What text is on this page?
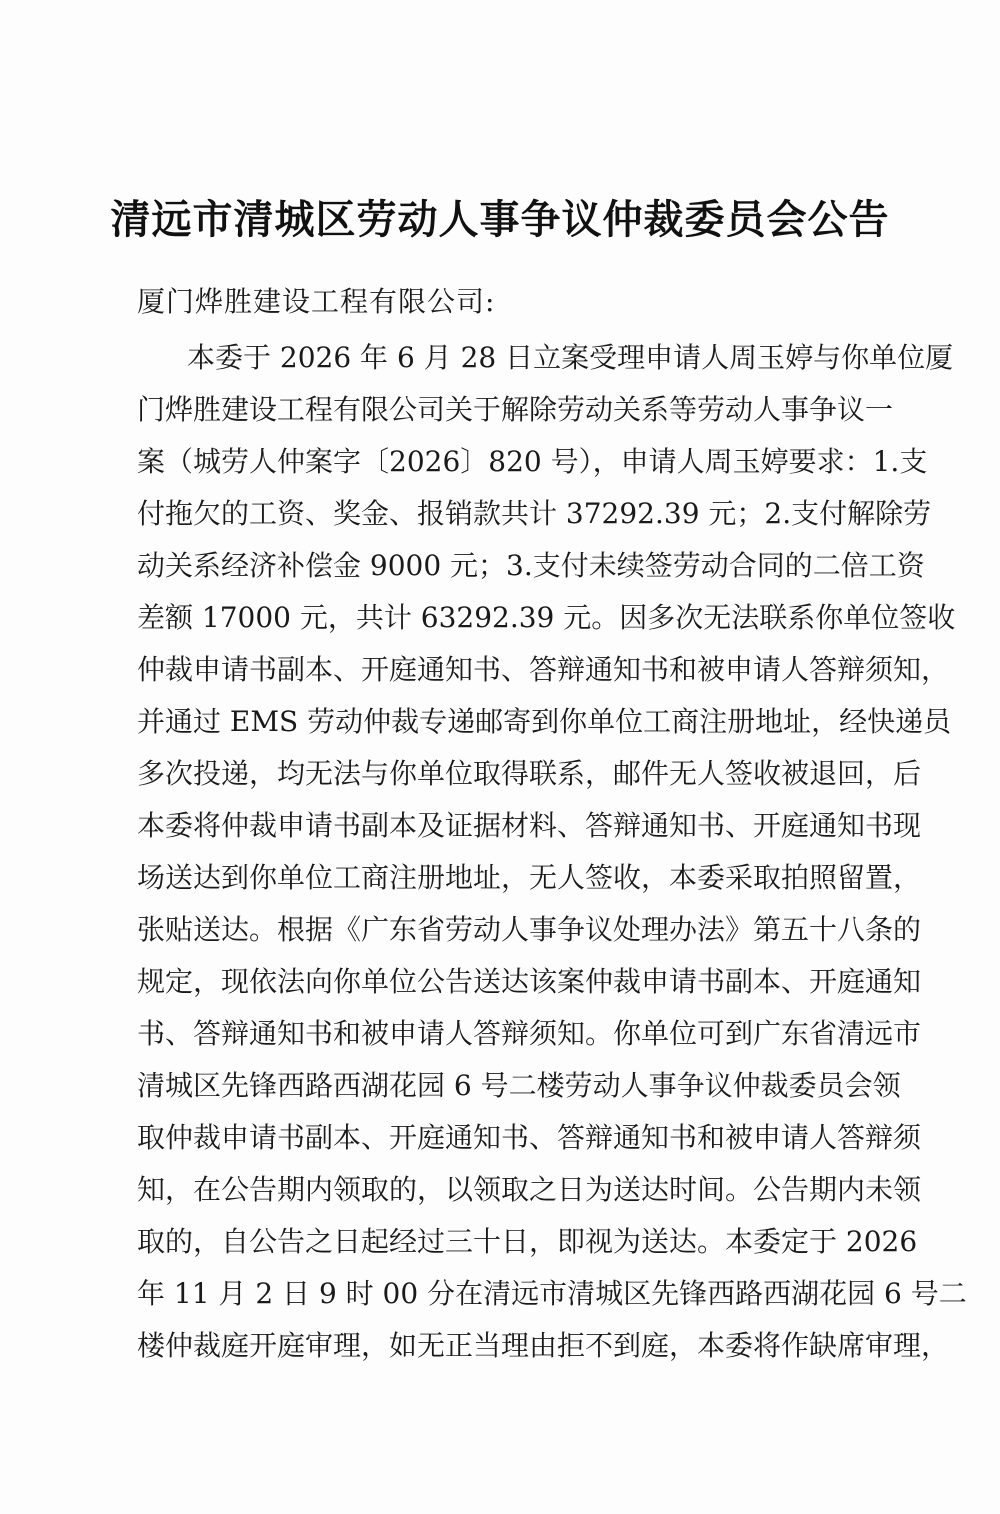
清远市清城区劳动人事争议仲裁委员会公告
厦门烨胜建设工程有限公司:
本委于 2026 年 6 月 28 日立案受理申请人周玉婷与你单位厦
门烨胜建设工程有限公司关于解除劳动关系等劳动人事争议一
案（城劳人仲案字〔2026〕820 号），申请人周玉婷要求：1.支
付拖欠的工资、奖金、报销款共计 37292.39 元；2.支付解除劳
动关系经济补偿金 9000 元；3.支付未续签劳动合同的二倍工资
差额 17000 元，共计 63292.39 元。因多次无法联系你单位签收
仲裁申请书副本、开庭通知书、答辩通知书和被申请人答辩须知，
并通过 EMS 劳动仲裁专递邮寄到你单位工商注册地址，经快递员
多次投递，均无法与你单位取得联系，邮件无人签收被退回，后
本委将仲裁申请书副本及证据材料、答辩通知书、开庭通知书现
场送达到你单位工商注册地址，无人签收，本委采取拍照留置，
张贴送达。根据《广东省劳动人事争议处理办法》第五十八条的
规定，现依法向你单位公告送达该案仲裁申请书副本、开庭通知
书、答辩通知书和被申请人答辩须知。你单位可到广东省清远市
清城区先锋西路西湖花园 6 号二楼劳动人事争议仲裁委员会领
取仲裁申请书副本、开庭通知书、答辩通知书和被申请人答辩须
知，在公告期内领取的，以领取之日为送达时间。公告期内未领
取的，自公告之日起经过三十日，即视为送达。本委定于 2026
年 11 月 2 日 9 时 00 分在清远市清城区先锋西路西湖花园 6 号二
楼仲裁庭开庭审理，如无正当理由拒不到庭，本委将作缺席审理，
